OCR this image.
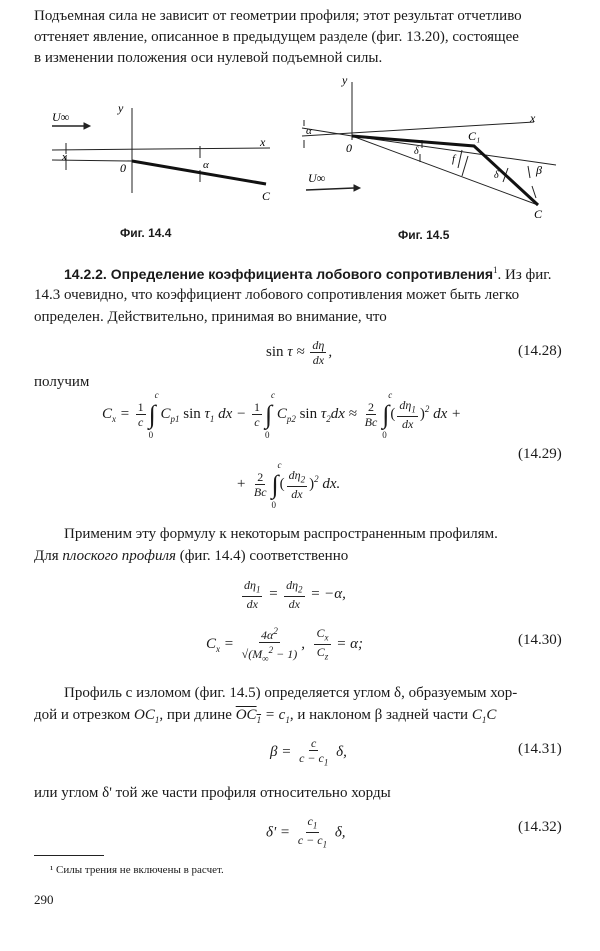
Подъемная сила не зависит от геометрии профиля; этот результат отчетливо
оттеняет явление, описанное в предыдущем разделе (фиг. 13.20), состоящее
в изменении положения оси нулевой подъемной силы.
U∞
y
x
x
0	α
C
Фиг. 14.4
y
x
α
0
U∞
C₁
δ
f
δ	β
C
Фиг. 14.5
14.2.2. Определение коэффициента лобового сопротивления$^1$. Из фиг.
14.3 очевидно, что коэффициент лобового сопротивления может быть легко
определен. Действительно, принимая во внимание, что
$\sin \tau \approx \frac{d\eta}{dx}$ ,	(14.28)
получим
$C_x = \frac{1}{c}$ ∫
c
0
$C_{p1}$ $\sin \tau_1$ dx − $\frac{1}{c}$ ∫
c
0
$C_{p2}$ $\sin \tau_2dx \approx \frac{2}{Bc}$ ∫
c
0
( $\frac{d\eta_1}{dx} )^2$ dx +
(14.29)
+ $\frac{2}{Bc}$ ∫
c
0
( $\frac{d\eta_2}{dx} )^2$ dx.
Применим эту формулу к некоторым распространенным профилям.
Для плоского профиля (фиг. 14.4) соответственно
$\frac{d\eta_1}{dx} = \frac{d\eta_2}{dx} = -\alpha$,
$C_x = \frac{4\alpha^2}{√(M_\infty^2 - 1)}$ , $\frac{C_x}{C_z} = \alpha$;	(14.30)
Профиль с изломом (фиг. 14.5) определяется углом δ, образуемым хор-
дой и отрезком $OC_1$, при длине $OC_1 = c_1$, и наклоном β задней части $C_1C$
$\beta = \frac{c}{c - c_1} \delta$,	(14.31)
или углом δ' той же части профиля относительно хорды
$\delta' = \frac{c_1}{c - c_1} \delta$,	(14.32)
¹ Силы трения не включены в расчет.
290
